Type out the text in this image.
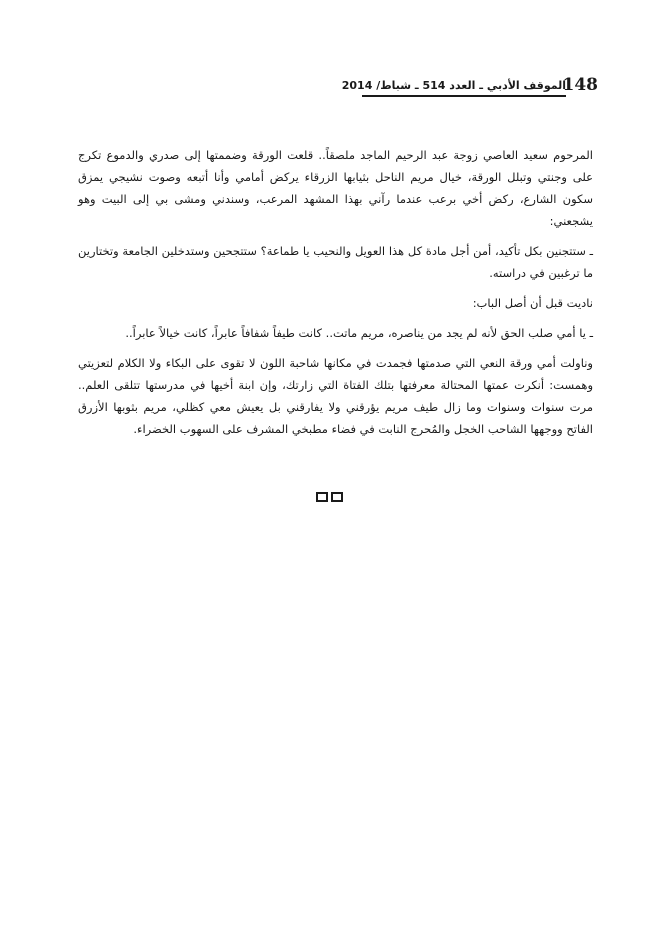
148
الموقف الأدبي ـ العدد 514 ـ شباط/ 2014

المرحوم سعيد العاصي زوجة عبد الرحيم الماجد ملصقاً.. قلعت الورقة وضممتها إلى صدري والدموع تكرج على وجنتي وتبلل الورقة، خيال مريم الناحل بثيابها الزرقاء يركض أمامي وأنا أتبعه وصوت نشيجي يمزق سكون الشارع، ركض أخي برعب عندما رآني بهذا المشهد المرعب، وسندني ومشى بي إلى البيت وهو يشجعني:

ـ ستتجنين بكل تأكيد، أمن أجل مادة كل هذا العويل والنحيب يا طماعة؟ ستتجحين وستدخلين الجامعة وتختارين ما ترغبين في دراسته.

ناديت قبل أن أصل الباب:

ـ يا أمي صلب الحق لأنه لم يجد من يناصره، مريم ماتت.. كانت طيفاً شفافاً عابراً، كانت خيالاً عابراً..

وناولت أمي ورقة النعي التي صدمتها فجمدت في مكانها شاحبة اللون لا تقوى على البكاء ولا الكلام لتعزيتي وهمست: أنكرت عمتها المحتالة معرفتها بتلك الفتاة التي زارتك، وإن ابنة أخيها في مدرستها تتلقى العلم.. مرت سنوات وسنوات وما زال طيف مريم يؤرقني ولا يفارقني بل يعيش معي كظلي، مريم بثوبها الأزرق الفاتح ووجهها الشاحب الخجل والمُحرج النابت في فضاء مطبخي المشرف على السهوب الخضراء.
